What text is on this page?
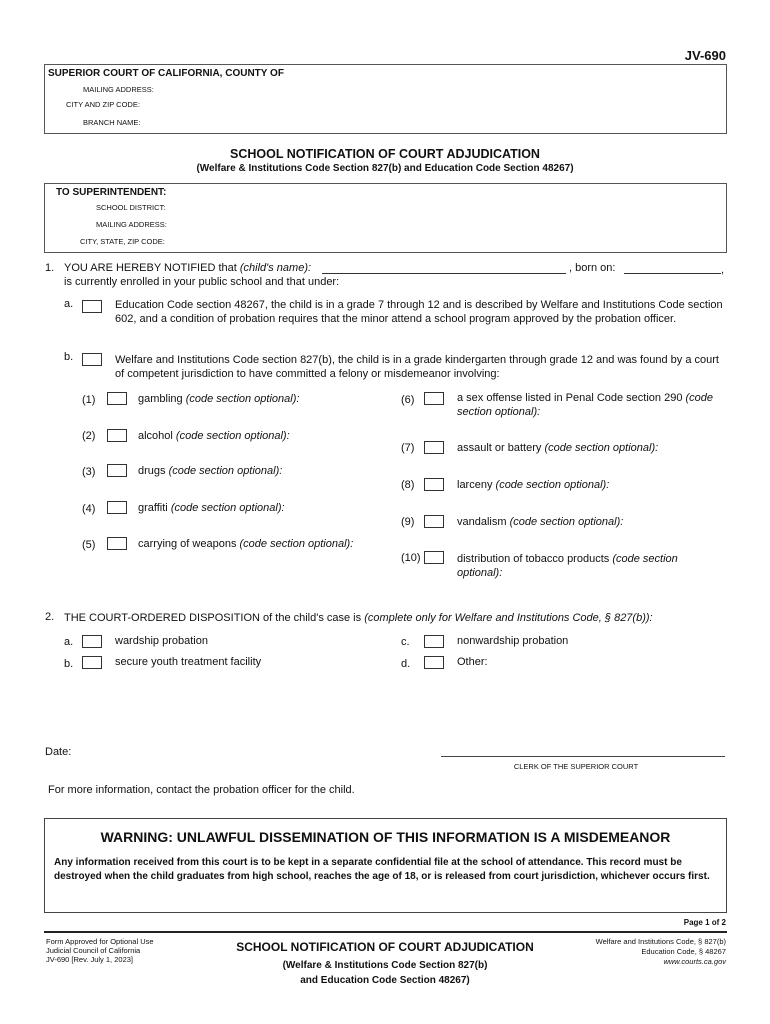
JV-690
SUPERIOR COURT OF CALIFORNIA, COUNTY OF
MAILING ADDRESS:
CITY AND ZIP CODE:
BRANCH NAME:
SCHOOL NOTIFICATION OF COURT ADJUDICATION
(Welfare & Institutions Code Section 827(b) and Education Code Section 48267)
TO SUPERINTENDENT:
SCHOOL DISTRICT:
MAILING ADDRESS:
CITY, STATE, ZIP CODE:
1. YOU ARE HEREBY NOTIFIED that (child's name):	, born on:	,
is currently enrolled in your public school and that under:
a.	Education Code section 48267, the child is in a grade 7 through 12 and is described by Welfare and Institutions Code section 602, and a condition of probation requires that the minor attend a school program approved by the probation officer.
b.	Welfare and Institutions Code section 827(b), the child is in a grade kindergarten through grade 12 and was found by a court of competent jurisdiction to have committed a felony or misdemeanor involving:
(1)	gambling (code section optional):
(2)	alcohol (code section optional):
(3)	drugs (code section optional):
(4)	graffiti (code section optional):
(5)	carrying of weapons (code section optional):
(6)	a sex offense listed in Penal Code section 290 (code section optional):
(7)	assault or battery (code section optional):
(8)	larceny (code section optional):
(9)	vandalism (code section optional):
(10)	distribution of tobacco products (code section optional):
2. THE COURT-ORDERED DISPOSITION of the child's case is (complete only for Welfare and Institutions Code, § 827(b)):
a.	wardship probation
b.	secure youth treatment facility
c.	nonwardship probation
d.	Other:
Date:
CLERK OF THE SUPERIOR COURT
For more information, contact the probation officer for the child.
WARNING: UNLAWFUL DISSEMINATION OF THIS INFORMATION IS A MISDEMEANOR
Any information received from this court is to be kept in a separate confidential file at the school of attendance. This record must be destroyed when the child graduates from high school, reaches the age of 18, or is released from court jurisdiction, whichever occurs first.
Page 1 of 2
Form Approved for Optional Use
Judicial Council of California
JV-690 [Rev. July 1, 2023]
SCHOOL NOTIFICATION OF COURT ADJUDICATION
(Welfare & Institutions Code Section 827(b)
and Education Code Section 48267)
Welfare and Institutions Code, § 827(b)
Education Code, § 48267
www.courts.ca.gov
